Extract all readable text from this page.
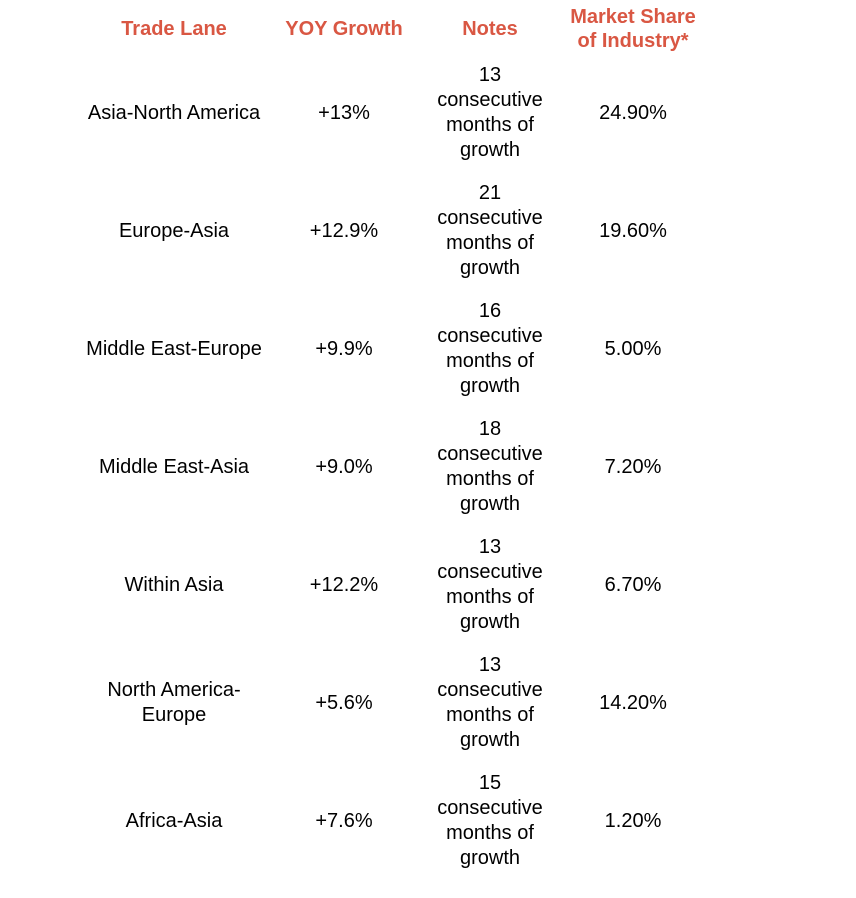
Trade Lane	YOY Growth	Notes	Market Share of Industry*
Asia-North America	+13%	13
consecutive
months of
growth	24.90%
Europe-Asia	+12.9%	21
consecutive
months of
growth	19.60%
Middle East-Europe	+9.9%	16
consecutive
months of
growth	5.00%
Middle East-Asia	+9.0%	18
consecutive
months of
growth	7.20%
Within Asia	+12.2%	13
consecutive
months of
growth	6.70%
North America-Europe	+5.6%	13
consecutive
months of
growth	14.20%
Africa-Asia	+7.6%	15
consecutive
months of
growth	1.20%
